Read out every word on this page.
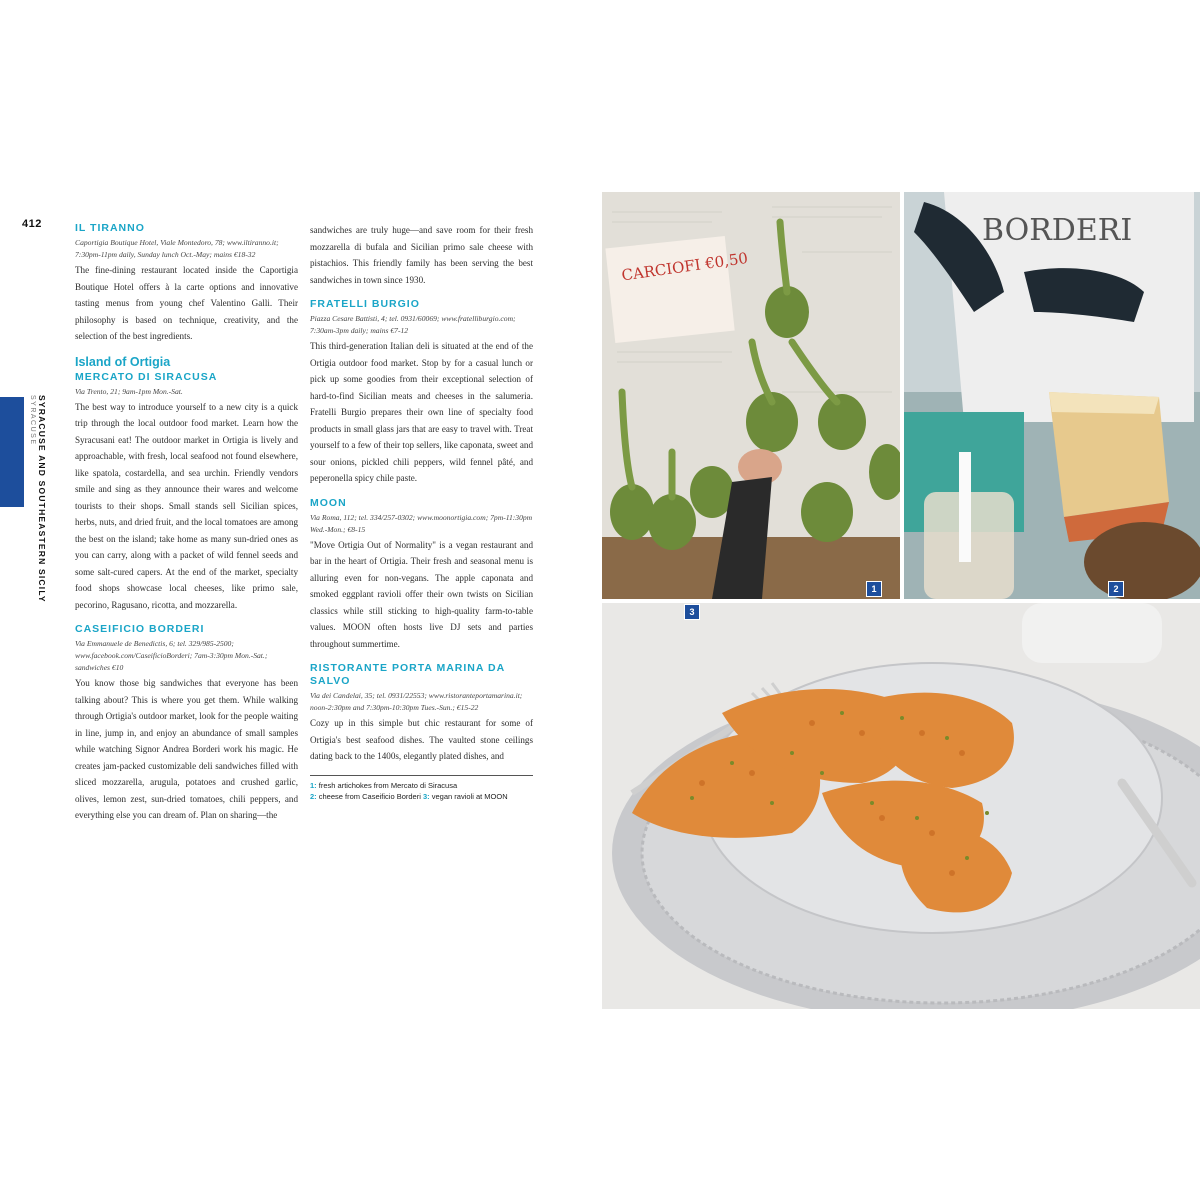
412
SYRACUSE AND SOUTHEASTERN SICILY
SYRACUSE
IL TIRANNO
Caportigia Boutique Hotel, Viale Montedoro, 78; www.iltiranno.it; 7:30pm-11pm daily, Sunday lunch Oct.-May; mains €18-32

The fine-dining restaurant located inside the Caportigia Boutique Hotel offers à la carte options and innovative tasting menus from young chef Valentino Galli. Their philosophy is based on technique, creativity, and the selection of the best ingredients.

Island of Ortigia
MERCATO DI SIRACUSA
Via Trento, 21; 9am-1pm Mon.-Sat.

The best way to introduce yourself to a new city is a quick trip through the local outdoor food market. Learn how the Syracusani eat! The outdoor market in Ortigia is lively and approachable, with fresh, local seafood not found elsewhere, like spatola, costardella, and sea urchin. Friendly vendors smile and sing as they announce their wares and welcome tourists to their shops. Small stands sell Sicilian spices, herbs, nuts, and dried fruit, and the local tomatoes are among the best on the island; take home as many sun-dried ones as you can carry, along with a packet of wild fennel seeds and some salt-cured capers. At the end of the market, specialty food shops showcase local cheeses, like primo sale, pecorino, Ragusano, ricotta, and mozzarella.

CASEIFICIO BORDERI
Via Emmanuele de Benedictis, 6; tel. 329/985-2500; www.facebook.com/CaseificioBorderi; 7am-3:30pm Mon.-Sat.; sandwiches €10

You know those big sandwiches that everyone has been talking about? This is where you get them. While walking through Ortigia's outdoor market, look for the people waiting in line, jump in, and enjoy an abundance of small samples while watching Signor Andrea Borderi work his magic. He creates jam-packed customizable deli sandwiches filled with sliced mozzarella, arugula, potatoes and crushed garlic, olives, lemon zest, sun-dried tomatoes, chili peppers, and everything else you can dream of. Plan on sharing—the

sandwiches are truly huge—and save room for their fresh mozzarella di bufala and Sicilian primo sale cheese with pistachios. This friendly family has been serving the best sandwiches in town since 1930.

FRATELLI BURGIO
Piazza Cesare Battisti, 4; tel. 0931/60069; www.fratelliburgio.com; 7:30am-3pm daily; mains €7-12

This third-generation Italian deli is situated at the end of the Ortigia outdoor food market. Stop by for a casual lunch or pick up some goodies from their exceptional selection of hard-to-find Sicilian meats and cheeses in the salumeria. Fratelli Burgio prepares their own line of specialty food products in small glass jars that are easy to travel with. Treat yourself to a few of their top sellers, like caponata, sweet and sour onions, pickled chili peppers, wild fennel pâté, and peperonella spicy chile paste.

MOON
Via Roma, 112; tel. 334/257-0302; www.moonortigia.com; 7pm-11:30pm Wed.-Mon.; €8-15

"Move Ortigia Out of Normality" is a vegan restaurant and bar in the heart of Ortigia. Their fresh and seasonal menu is alluring even for non-vegans. The apple caponata and smoked eggplant ravioli offer their own twists on Sicilian classics while still sticking to high-quality farm-to-table values. MOON often hosts live DJ sets and parties throughout summertime.

RISTORANTE PORTA MARINA DA SALVO
Via dei Candelai, 35; tel. 0931/22553; www.ristoranteportamarina.it; noon-2:30pm and 7:30pm-10:30pm Tues.-Sun.; €15-22

Cozy up in this simple but chic restaurant for some of Ortigia's best seafood dishes. The vaulted stone ceilings dating back to the 1400s, elegantly plated dishes, and

1: fresh artichokes from Mercato di Siracusa
2: cheese from Caseificio Borderi 3: vegan ravioli at MOON
CARCIOFI €0,50
1
BORDERI
2
3
